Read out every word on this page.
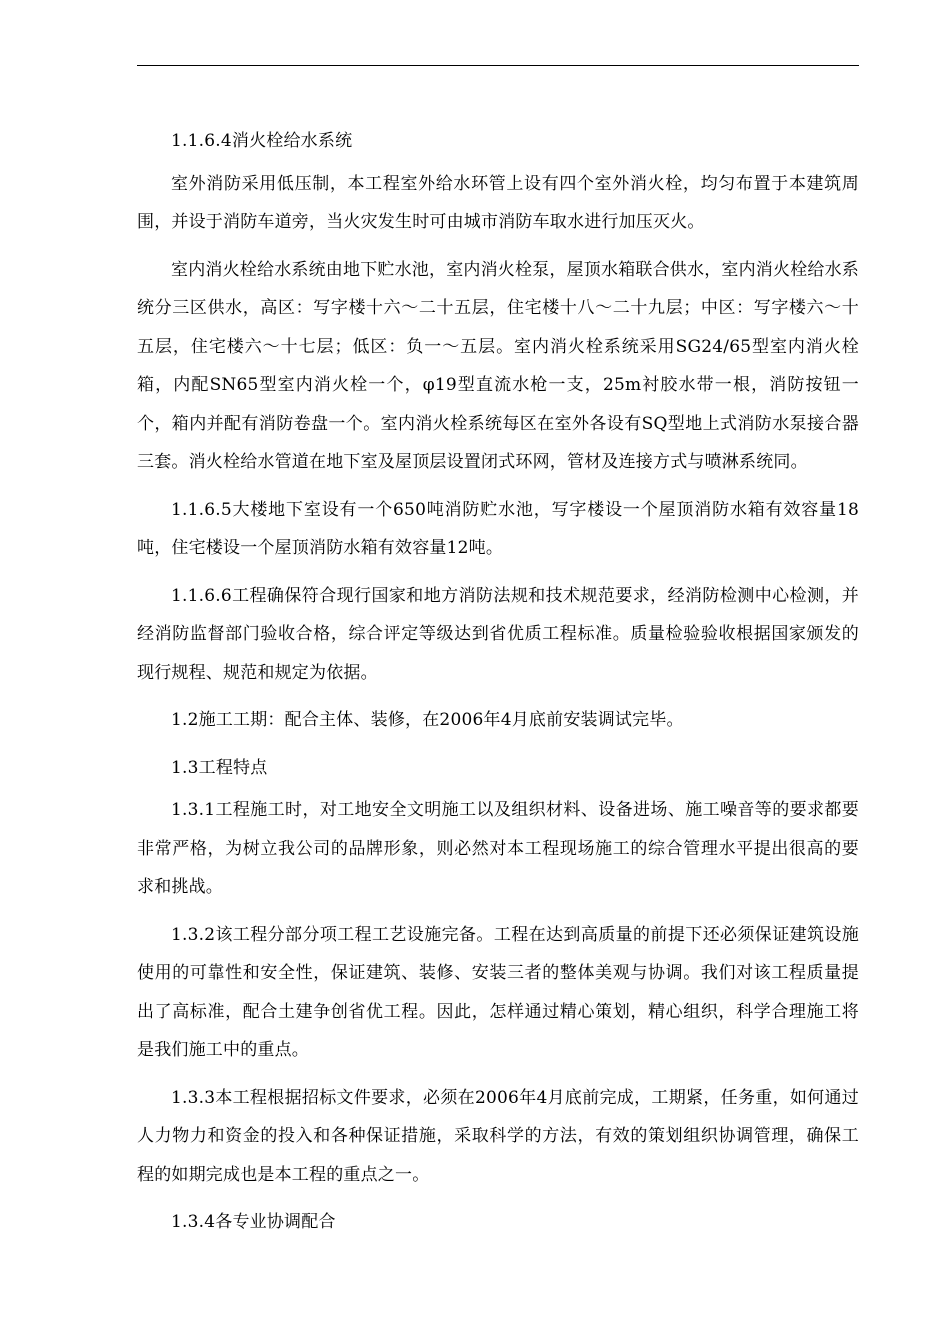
1.1.6.4消火栓给水系统

室外消防采用低压制，本工程室外给水环管上设有四个室外消火栓，均匀布置于本建筑周围，并设于消防车道旁，当火灾发生时可由城市消防车取水进行加压灭火。

室内消火栓给水系统由地下贮水池，室内消火栓泵，屋顶水箱联合供水，室内消火栓给水系统分三区供水，高区：写字楼十六～二十五层，住宅楼十八～二十九层；中区：写字楼六～十五层，住宅楼六～十七层；低区：负一～五层。室内消火栓系统采用SG24/65型室内消火栓箱，内配SN65型室内消火栓一个，φ19型直流水枪一支，25m衬胶水带一根，消防按钮一个，箱内并配有消防卷盘一个。室内消火栓系统每区在室外各设有SQ型地上式消防水泵接合器三套。消火栓给水管道在地下室及屋顶层设置闭式环网，管材及连接方式与喷淋系统同。

1.1.6.5大楼地下室设有一个650吨消防贮水池，写字楼设一个屋顶消防水箱有效容量18吨，住宅楼设一个屋顶消防水箱有效容量12吨。

1.1.6.6工程确保符合现行国家和地方消防法规和技术规范要求，经消防检测中心检测，并经消防监督部门验收合格，综合评定等级达到省优质工程标准。质量检验验收根据国家颁发的现行规程、规范和规定为依据。

1.2施工工期：配合主体、装修，在2006年4月底前安装调试完毕。

1.3工程特点

1.3.1工程施工时，对工地安全文明施工以及组织材料、设备进场、施工噪音等的要求都要非常严格，为树立我公司的品牌形象，则必然对本工程现场施工的综合管理水平提出很高的要求和挑战。

1.3.2该工程分部分项工程工艺设施完备。工程在达到高质量的前提下还必须保证建筑设施使用的可靠性和安全性，保证建筑、装修、安装三者的整体美观与协调。我们对该工程质量提出了高标准，配合土建争创省优工程。因此，怎样通过精心策划，精心组织，科学合理施工将是我们施工中的重点。

1.3.3本工程根据招标文件要求，必须在2006年4月底前完成，工期紧，任务重，如何通过人力物力和资金的投入和各种保证措施，采取科学的方法，有效的策划组织协调管理，确保工程的如期完成也是本工程的重点之一。

1.3.4各专业协调配合
